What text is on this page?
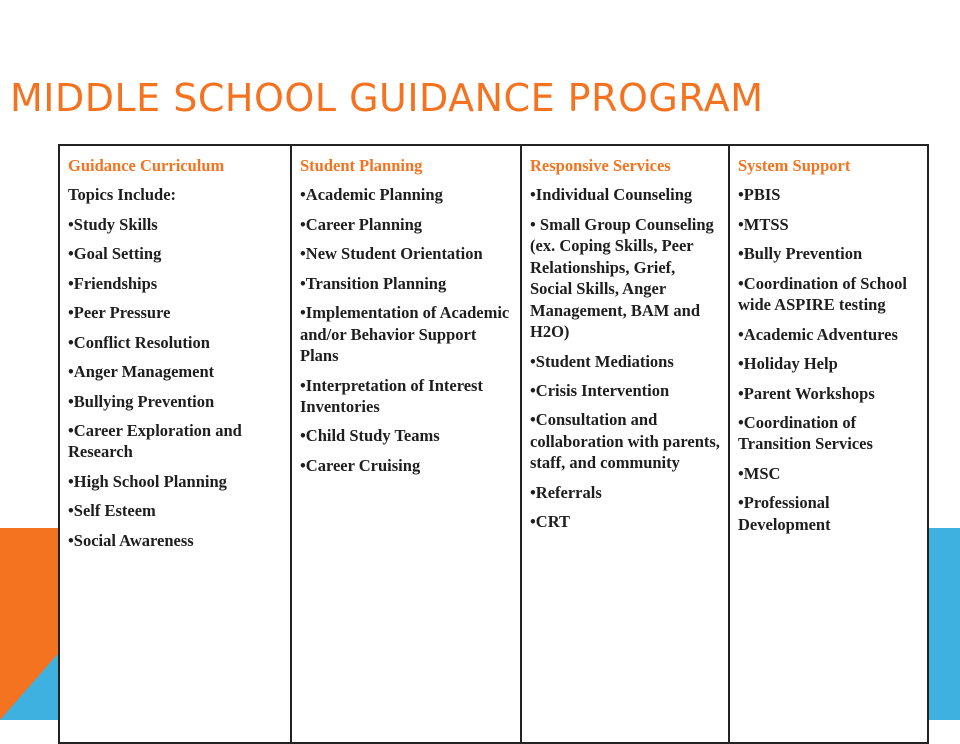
MIDDLE SCHOOL GUIDANCE PROGRAM
Guidance Curriculum
Topics Include:
•Study Skills
•Goal Setting
•Friendships
•Peer Pressure
•Conflict Resolution
•Anger Management
•Bullying Prevention
•Career Exploration and Research
•High School Planning
•Self Esteem
•Social Awareness
Student Planning
•Academic Planning
•Career Planning
•New Student Orientation
•Transition Planning
•Implementation of Academic and/or Behavior Support Plans
•Interpretation of Interest Inventories
•Child Study Teams
•Career Cruising
Responsive Services
•Individual Counseling
• Small Group Counseling (ex. Coping Skills, Peer Relationships, Grief, Social Skills, Anger Management, BAM and H2O)
•Student Mediations
•Crisis Intervention
•Consultation and collaboration with parents, staff, and community
•Referrals
•CRT
System Support
•PBIS
•MTSS
•Bully Prevention
•Coordination of School wide ASPIRE testing
•Academic Adventures
•Holiday Help
•Parent Workshops
•Coordination of Transition Services
•MSC
•Professional Development
